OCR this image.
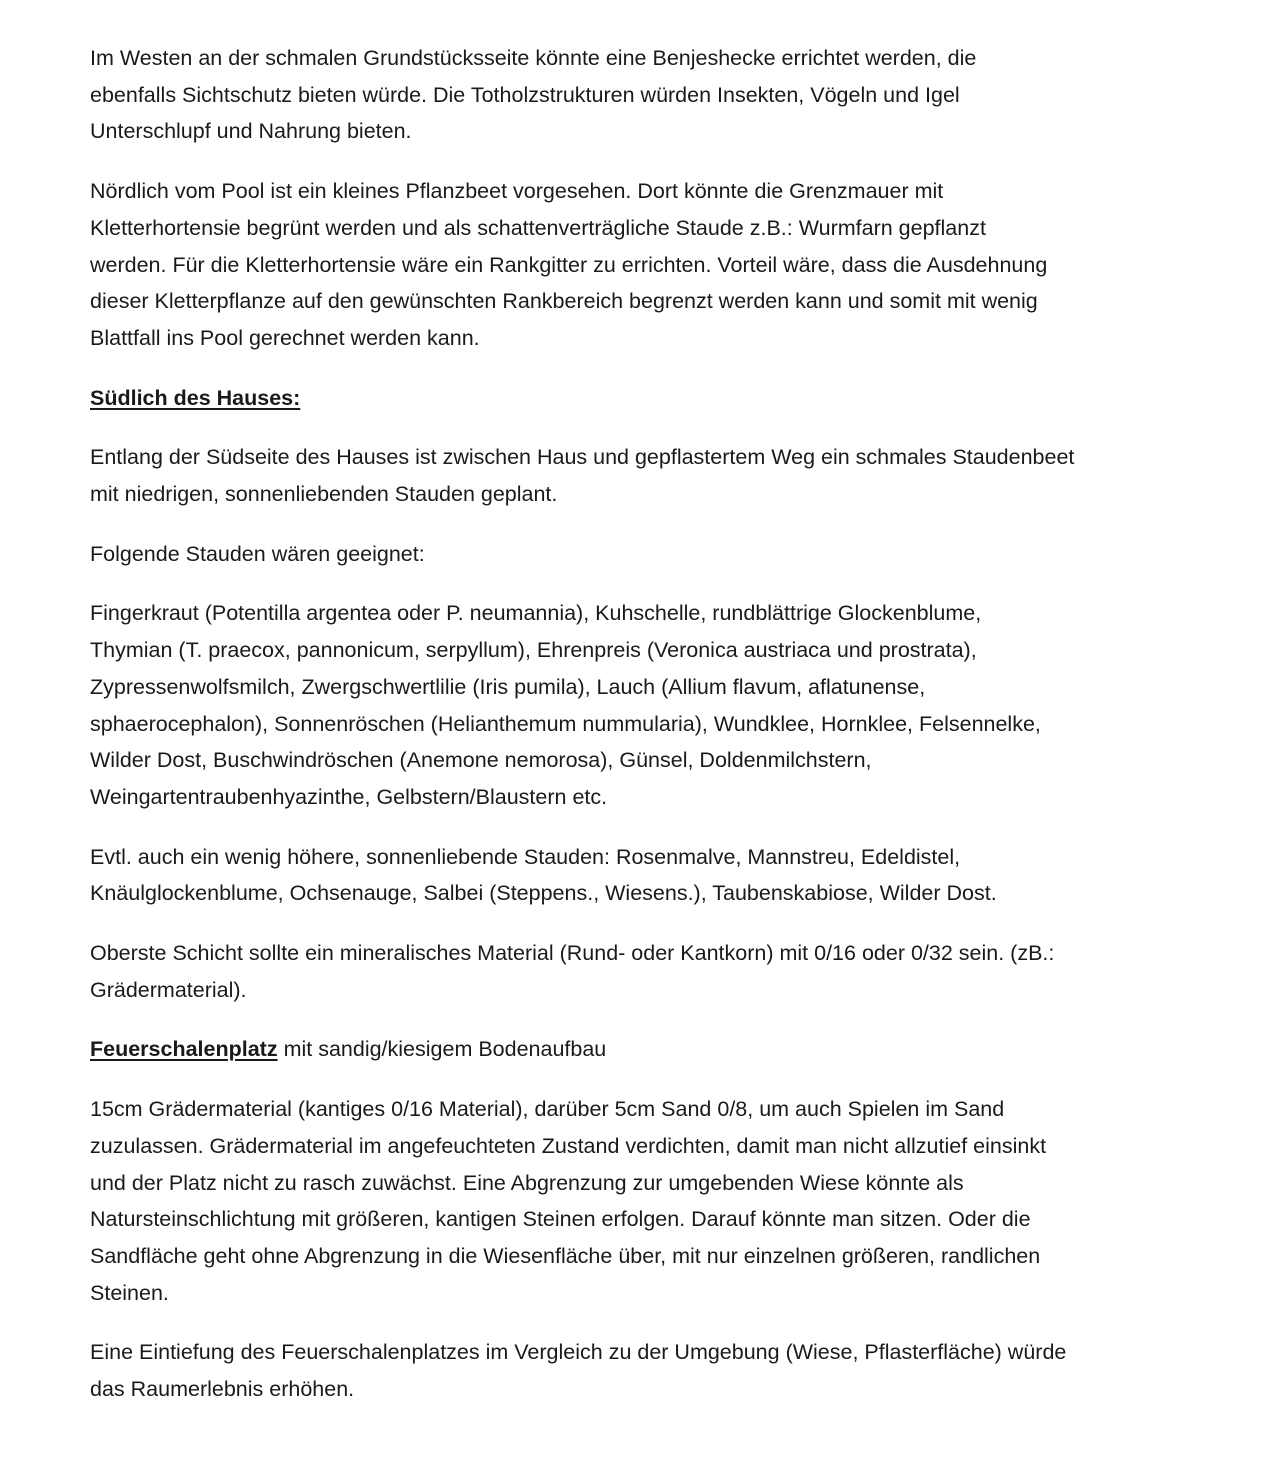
Im Westen an der schmalen Grundstücksseite könnte eine Benjeshecke errichtet werden, die
ebenfalls Sichtschutz bieten würde. Die Totholzstrukturen würden Insekten, Vögeln und Igel
Unterschlupf und Nahrung bieten.

Nördlich vom Pool ist ein kleines Pflanzbeet vorgesehen. Dort könnte die Grenzmauer mit
Kletterhortensie begrünt werden und als schattenverträgliche Staude z.B.: Wurmfarn gepflanzt
werden. Für die Kletterhortensie wäre ein Rankgitter zu errichten. Vorteil wäre, dass die Ausdehnung
dieser Kletterpflanze auf den gewünschten Rankbereich begrenzt werden kann und somit mit wenig
Blattfall ins Pool gerechnet werden kann.

Südlich des Hauses:

Entlang der Südseite des Hauses ist zwischen Haus und gepflastertem Weg ein schmales Staudenbeet
mit niedrigen, sonnenliebenden Stauden geplant.

Folgende Stauden wären geeignet:

Fingerkraut (Potentilla argentea oder P. neumannia), Kuhschelle, rundblättrige Glockenblume,
Thymian (T. praecox, pannonicum, serpyllum), Ehrenpreis (Veronica austriaca und prostrata),
Zypressenwolfsmilch, Zwergschwertlilie (Iris pumila), Lauch (Allium flavum, aflatunense,
sphaerocephalon), Sonnenröschen (Helianthemum nummularia), Wundklee, Hornklee, Felsennelke,
Wilder Dost, Buschwindröschen (Anemone nemorosa), Günsel, Doldenmilchstern,
Weingartentraubenhyazinthe, Gelbstern/Blaustern etc.

Evtl. auch ein wenig höhere, sonnenliebende Stauden: Rosenmalve, Mannstreu, Edeldistel,
Knäulglockenblume, Ochsenauge, Salbei (Steppens., Wiesens.), Taubenskabiose, Wilder Dost.

Oberste Schicht sollte ein mineralisches Material (Rund- oder Kantkorn) mit 0/16 oder 0/32 sein. (zB.:
Grädermaterial).

Feuerschalenplatz mit sandig/kiesigem Bodenaufbau

15cm Grädermaterial (kantiges 0/16 Material), darüber 5cm Sand 0/8, um auch Spielen im Sand
zuzulassen. Grädermaterial im angefeuchteten Zustand verdichten, damit man nicht allzutief einsinkt
und der Platz nicht zu rasch zuwächst. Eine Abgrenzung zur umgebenden Wiese könnte als
Natursteinschlichtung mit größeren, kantigen Steinen erfolgen. Darauf könnte man sitzen. Oder die
Sandfläche geht ohne Abgrenzung in die Wiesenfläche über, mit nur einzelnen größeren, randlichen
Steinen.

Eine Eintiefung des Feuerschalenplatzes im Vergleich zu der Umgebung (Wiese, Pflasterfläche) würde
das Raumerlebnis erhöhen.
